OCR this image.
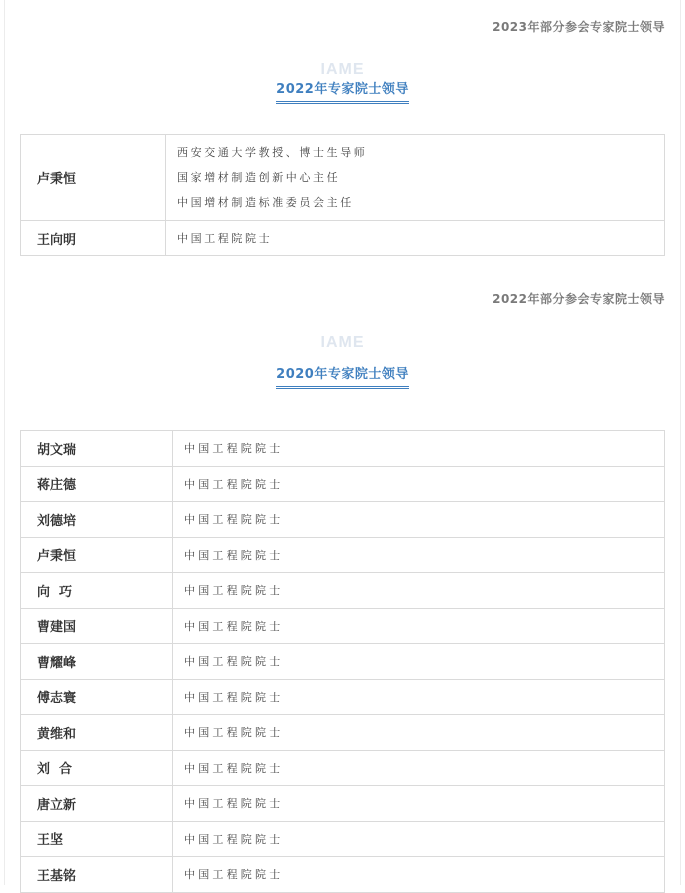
2023年部分参会专家院士领导
IAME
2022年专家院士领导
卢秉恒	西安交通大学教授、博士生导师
国家增材制造创新中心主任
中国增材制造标准委员会主任

王向明	中国工程院院士
2022年部分参会专家院士领导
IAME
2020年专家院士领导
胡文瑞	中国工程院院士
蒋庄德	中国工程院院士
刘德培	中国工程院院士
卢秉恒	中国工程院院士
向  巧	中国工程院院士
曹建国	中国工程院院士
曹耀峰	中国工程院院士
傅志寰	中国工程院院士
黄维和	中国工程院院士
刘  合	中国工程院院士
唐立新	中国工程院院士
王坚	中国工程院院士
王基铭	中国工程院院士
